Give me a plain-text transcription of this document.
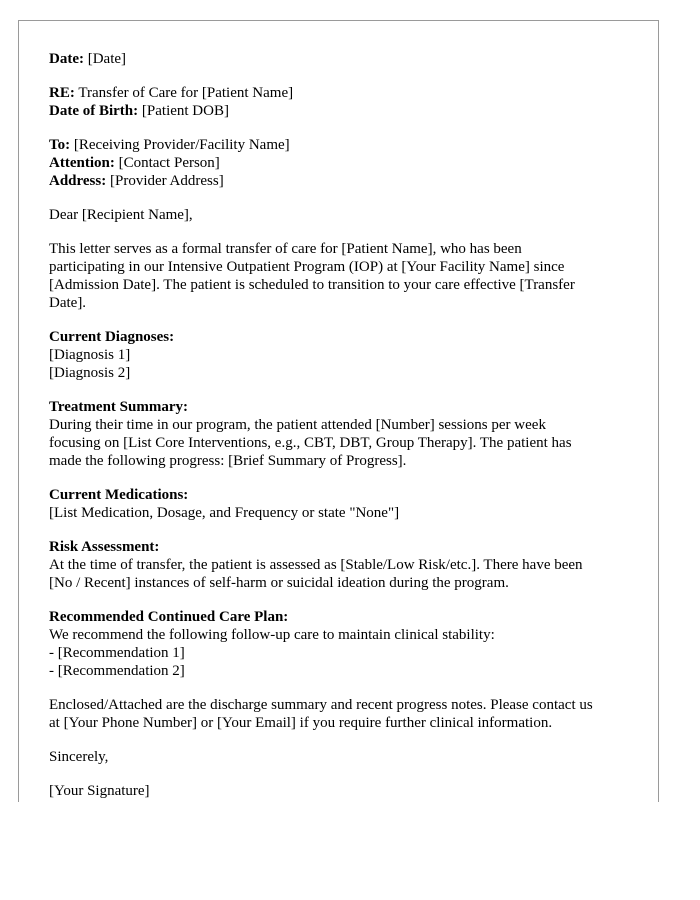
Date: [Date]
RE: Transfer of Care for [Patient Name]
Date of Birth: [Patient DOB]
To: [Receiving Provider/Facility Name]
Attention: [Contact Person]
Address: [Provider Address]
Dear [Recipient Name],
This letter serves as a formal transfer of care for [Patient Name], who has been
participating in our Intensive Outpatient Program (IOP) at [Your Facility Name] since
[Admission Date]. The patient is scheduled to transition to your care effective [Transfer
Date].
Current Diagnoses:
[Diagnosis 1]
[Diagnosis 2]
Treatment Summary:
During their time in our program, the patient attended [Number] sessions per week
focusing on [List Core Interventions, e.g., CBT, DBT, Group Therapy]. The patient has
made the following progress: [Brief Summary of Progress].
Current Medications:
[List Medication, Dosage, and Frequency or state "None"]
Risk Assessment:
At the time of transfer, the patient is assessed as [Stable/Low Risk/etc.]. There have been
[No / Recent] instances of self-harm or suicidal ideation during the program.
Recommended Continued Care Plan:
We recommend the following follow-up care to maintain clinical stability:
- [Recommendation 1]
- [Recommendation 2]
Enclosed/Attached are the discharge summary and recent progress notes. Please contact us
at [Your Phone Number] or [Your Email] if you require further clinical information.
Sincerely,
[Your Signature]
